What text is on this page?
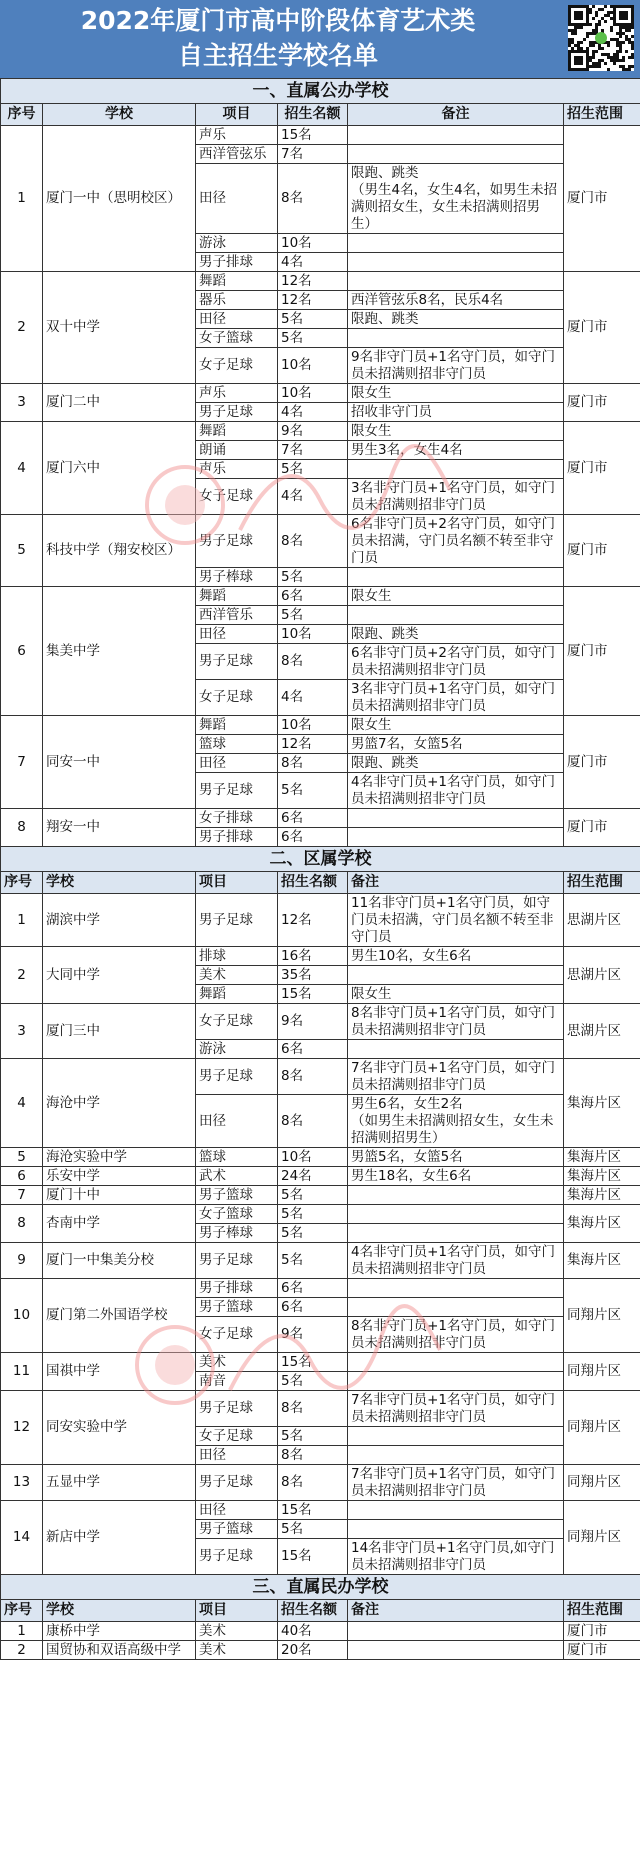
2022年厦门市高中阶段体育艺术类
自主招生学校名单
一、直属公办学校					
序号	学校	项目	招生名额	备注	招生范围
1	厦门一中（思明校区）	声乐	15名		厦门市
		西洋管弦乐	7名		
		田径	8名	限跑、跳类
（男生4名，女生4名，如男生未招满则招女生，女生未招满则招男生）	
		游泳	10名		
		男子排球	4名		
2	双十中学	舞蹈	12名		厦门市
		器乐	12名	西洋管弦乐8名，民乐4名	
		田径	5名	限跑、跳类	
		女子篮球	5名		
		女子足球	10名	9名非守门员+1名守门员，如守门员未招满则招非守门员	
3	厦门二中	声乐	10名	限女生	厦门市
		男子足球	4名	招收非守门员	
4	厦门六中	舞蹈	9名	限女生	厦门市
		朗诵	7名	男生3名，女生4名	
		声乐	5名		
		女子足球	4名	3名非守门员+1名守门员，如守门员未招满则招非守门员	
5	科技中学（翔安校区）	男子足球	8名	6名非守门员+2名守门员，如守门员未招满，守门员名额不转至非守门员	厦门市
		男子棒球	5名		
6	集美中学	舞蹈	6名	限女生	厦门市
		西洋管乐	5名		
		田径	10名	限跑、跳类	
		男子足球	8名	6名非守门员+2名守门员，如守门员未招满则招非守门员	
		女子足球	4名	3名非守门员+1名守门员，如守门员未招满则招非守门员	
7	同安一中	舞蹈	10名	限女生	厦门市
		篮球	12名	男篮7名，女篮5名	
		田径	8名	限跑、跳类	
		男子足球	5名	4名非守门员+1名守门员，如守门员未招满则招非守门员	
8	翔安一中	女子排球	6名		厦门市
		男子排球	6名		
二、区属学校					
序号	学校	项目	招生名额	备注	招生范围
1	湖滨中学	男子足球	12名	11名非守门员+1名守门员，如守门员未招满，守门员名额不转至非守门员	思湖片区
2	大同中学	排球	16名	男生10名，女生6名	思湖片区
		美术	35名		
		舞蹈	15名	限女生	
3	厦门三中	女子足球	9名	8名非守门员+1名守门员，如守门员未招满则招非守门员	思湖片区
		游泳	6名		
4	海沧中学	男子足球	8名	7名非守门员+1名守门员，如守门员未招满则招非守门员	集海片区
		田径	8名	男生6名，女生2名
（如男生未招满则招女生，女生未招满则招男生）	
5	海沧实验中学	篮球	10名	男篮5名，女篮5名	集海片区
6	乐安中学	武术	24名	男生18名，女生6名	集海片区
7	厦门十中	男子篮球	5名		集海片区
8	杏南中学	女子篮球	5名		集海片区
		男子棒球	5名		
9	厦门一中集美分校	男子足球	5名	4名非守门员+1名守门员，如守门员未招满则招非守门员	集海片区
10	厦门第二外国语学校	男子排球	6名		同翔片区
		男子篮球	6名		
		女子足球	9名	8名非守门员+1名守门员，如守门员未招满则招非守门员	
11	国祺中学	美术	15名		同翔片区
		南音	5名		
12	同安实验中学	男子足球	8名	7名非守门员+1名守门员，如守门员未招满则招非守门员	同翔片区
		女子足球	5名		
		田径	8名		
13	五显中学	男子足球	8名	7名非守门员+1名守门员，如守门员未招满则招非守门员	同翔片区
14	新店中学	田径	15名		同翔片区
		男子篮球	5名		
		男子足球	15名	14名非守门员+1名守门员,如守门员未招满则招非守门员	
三、直属民办学校					
序号	学校	项目	招生名额	备注	招生范围
1	康桥中学	美术	40名		厦门市
2	国贸协和双语高级中学	美术	20名		厦门市
